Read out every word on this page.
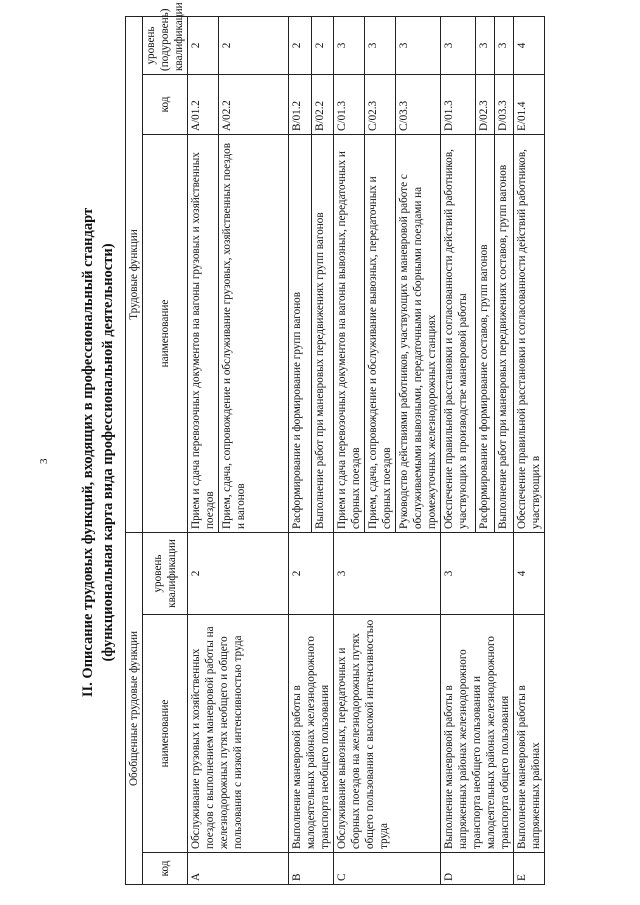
3 II. Описание трудовых функций, входящих в профессиональный стандарт (функциональная карта вида профессиональной деятельности)
Обобщенные трудовые функции			Трудовые функции		
код	наименование	уровень квалификации	наименование	код	уровень (подуровень) квалификации
A	Обслуживание грузовых и хозяйственных поездов с выполнением маневровой работы на железнодорожных путях необщего и общего пользования с низкой интенсивностью труда	2	Прием и сдача перевозочных документов на вагоны грузовых и хозяйственных поездов	A/01.2	2
			Прием, сдача, сопровождение и обслуживание грузовых, хозяйственных поездов и вагонов	A/02.2	2
B	Выполнение маневровой работы в малодеятельных районах железнодорожного транспорта необщего пользования	2	Расформирование и формирование групп вагонов	B/01.2	2
			Выполнение работ при маневровых передвижениях групп вагонов	B/02.2	2
C	Обслуживание вывозных, передаточных и сборных поездов на железнодорожных путях общего пользования с высокой интенсивностью труда	3	Прием и сдача перевозочных документов на вагоны вывозных, передаточных и сборных поездов	C/01.3	3
			Прием, сдача, сопровождение и обслуживание вывозных, передаточных и сборных поездов	C/02.3	3
			Руководство действиями работников, участвующих в маневровой работе с обслуживаемыми вывозными, передаточными и сборными поездами на промежуточных железнодорожных станциях	C/03.3	3
D	Выполнение маневровой работы в напряженных районах железнодорожного транспорта необщего пользования и малодеятельных районах железнодорожного транспорта общего пользования	3	Обеспечение правильной расстановки и согласованности действий работников, участвующих в производстве маневровой работы	D/01.3	3
			Расформирование и формирование составов, групп вагонов	D/02.3	3
			Выполнение работ при маневровых передвижениях составов, групп вагонов	D/03.3	3
E	Выполнение маневровой работы в напряженных районах	4	Обеспечение правильной расстановки и согласованности действий работников, участвующих в	E/01.4	4
